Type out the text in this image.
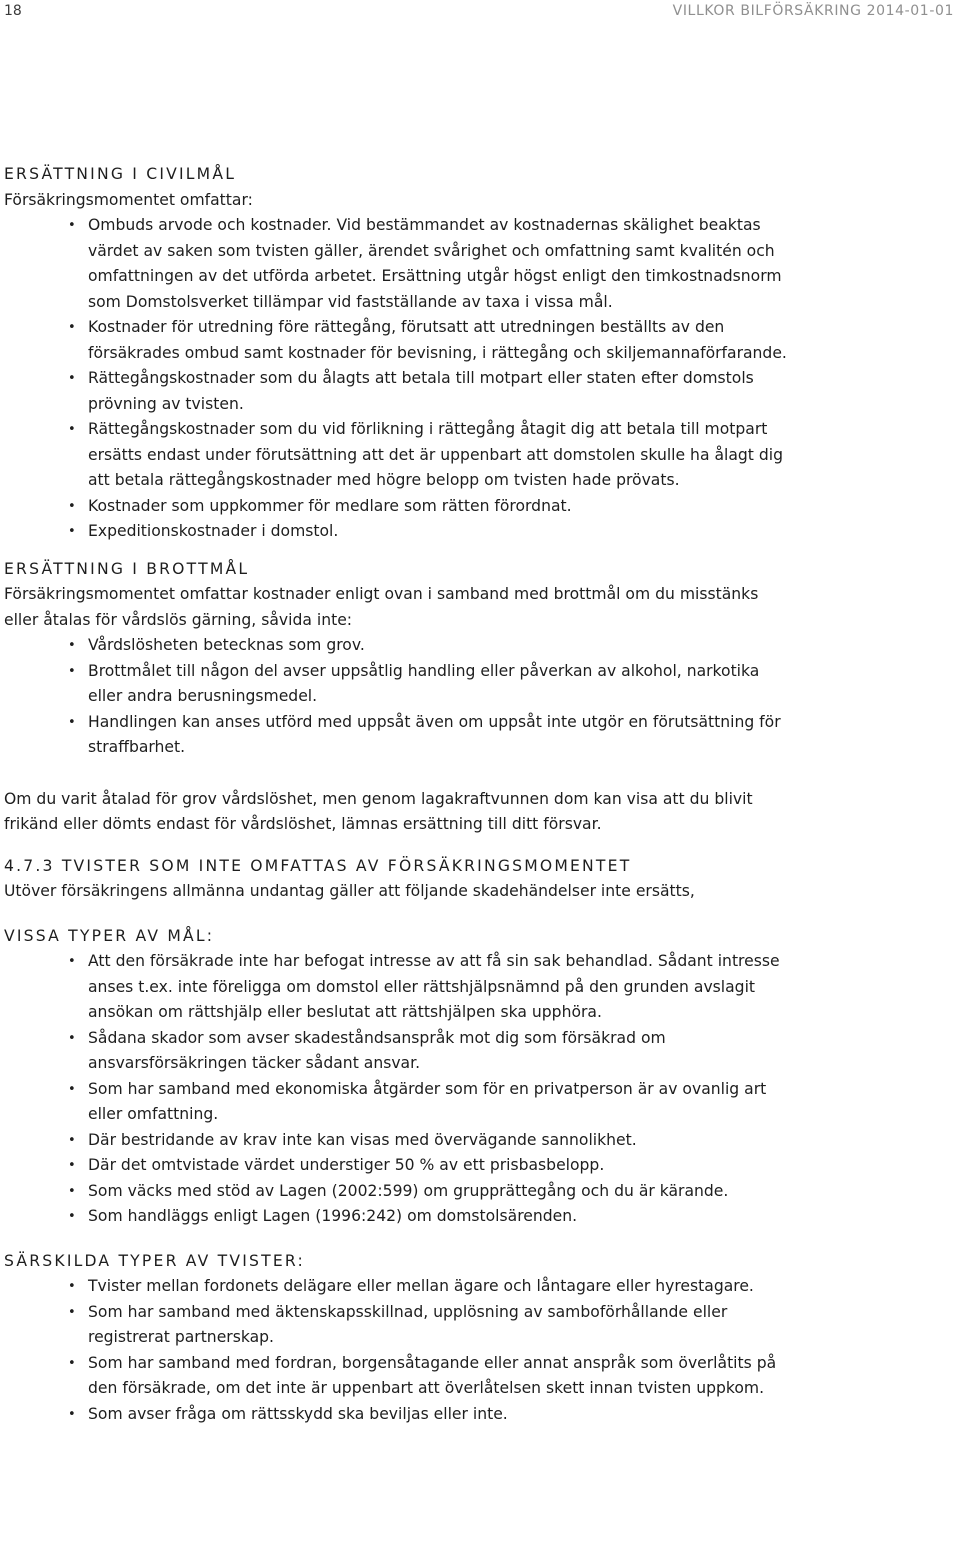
18	VILLKOR BILFÖRSÄKRING 2014-01-01
ERSÄTTNING I CIVILMÅL

Försäkringsmomentet omfattar:

• Ombuds arvode och kostnader. Vid bestämmandet av kostnadernas skälighet beaktas värdet av saken som tvisten gäller, ärendet svårighet och omfattning samt kvalitén och omfattningen av det utförda arbetet. Ersättning utgår högst enligt den timkostnadsnorm som Domstolsverket tillämpar vid fastställande av taxa i vissa mål.
• Kostnader för utredning före rättegång, förutsatt att utredningen beställts av den försäkrades ombud samt kostnader för bevisning, i rättegång och skiljemannaförfarande.
• Rättegångskostnader som du ålagts att betala till motpart eller staten efter domstols prövning av tvisten.
• Rättegångskostnader som du vid förlikning i rättegång åtagit dig att betala till motpart ersätts endast under förutsättning att det är uppenbart att domstolen skulle ha ålagt dig att betala rättegångskostnader med högre belopp om tvisten hade prövats.
• Kostnader som uppkommer för medlare som rätten förordnat.
• Expeditionskostnader i domstol.
ERSÄTTNING I BROTTMÅL

Försäkringsmomentet omfattar kostnader enligt ovan i samband med brottmål om du misstänks eller åtalas för vårdslös gärning, såvida inte:

• Vårdslösheten betecknas som grov.
• Brottmålet till någon del avser uppsåtlig handling eller påverkan av alkohol, narkotika eller andra berusningsmedel.
• Handlingen kan anses utförd med uppsåt även om uppsåt inte utgör en förutsättning för straffbarhet.

Om du varit åtalad för grov vårdslöshet, men genom lagakraftvunnen dom kan visa att du blivit frikänd eller dömts endast för vårdslöshet, lämnas ersättning till ditt försvar.

4.7.3 TVISTER SOM INTE OMFATTAS AV FÖRSÄKRINGSMOMENTET

Utöver försäkringens allmänna undantag gäller att följande skadehändelser inte ersätts,

VISSA TYPER AV MÅL:
• Att den försäkrade inte har befogat intresse av att få sin sak behandlad. Sådant intresse anses t.ex. inte föreligga om domstol eller rättshjälpsnämnd på den grunden avslagit ansökan om rättshjälp eller beslutat att rättshjälpen ska upphöra.
• Sådana skador som avser skadeståndsanspråk mot dig som försäkrad om ansvarsförsäkringen täcker sådant ansvar.
• Som har samband med ekonomiska åtgärder som för en privatperson är av ovanlig art eller omfattning.
• Där bestridande av krav inte kan visas med övervägande sannolikhet.
• Där det omtvistade värdet understiger 50 % av ett prisbasbelopp.
• Som väcks med stöd av Lagen (2002:599) om grupprättegång och du är kärande.
• Som handläggs enligt Lagen (1996:242) om domstolsärenden.
SÄRSKILDA TYPER AV TVISTER:
• Tvister mellan fordonets delägare eller mellan ägare och låntagare eller hyrestagare.
• Som har samband med äktenskapsskillnad, upplösning av samboförhållande eller registrerat partnerskap.
• Som har samband med fordran, borgensåtagande eller annat anspråk som överlåtits på den försäkrade, om det inte är uppenbart att överlåtelsen skett innan tvisten uppkom.
• Som avser fråga om rättsskydd ska beviljas eller inte.
